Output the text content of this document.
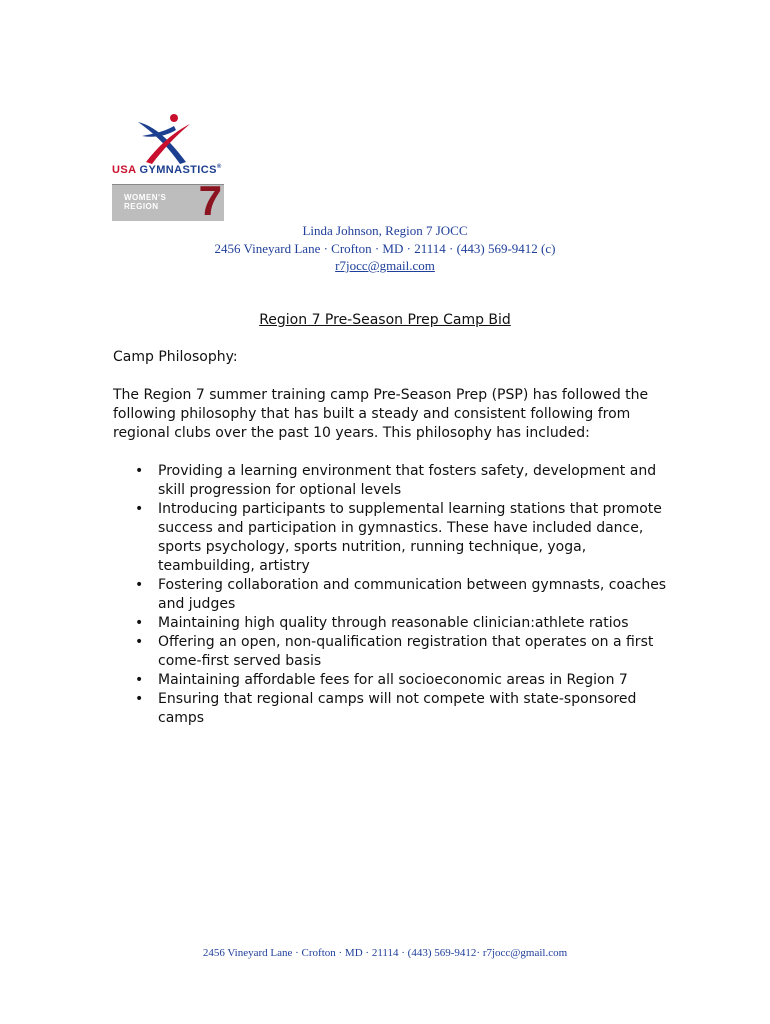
USA GYMNASTICS®
WOMEN'S
REGION 7
Linda Johnson, Region 7 JOCC
2456 Vineyard Lane · Crofton · MD · 21114 · (443) 569-9412 (c)
r7jocc@gmail.com
Region 7 Pre-Season Prep Camp Bid
Camp Philosophy:

The Region 7 summer training camp Pre-Season Prep (PSP) has followed the following philosophy that has built a steady and consistent following from regional clubs over the past 10 years. This philosophy has included:

• Providing a learning environment that fosters safety, development and skill progression for optional levels
• Introducing participants to supplemental learning stations that promote success and participation in gymnastics. These have included dance, sports psychology, sports nutrition, running technique, yoga, teambuilding, artistry
• Fostering collaboration and communication between gymnasts, coaches and judges
• Maintaining high quality through reasonable clinician:athlete ratios
• Offering an open, non-qualification registration that operates on a first come-first served basis
• Maintaining affordable fees for all socioeconomic areas in Region 7
• Ensuring that regional camps will not compete with state-sponsored camps
2456 Vineyard Lane · Crofton · MD · 21114 · (443) 569-9412· r7jocc@gmail.com
